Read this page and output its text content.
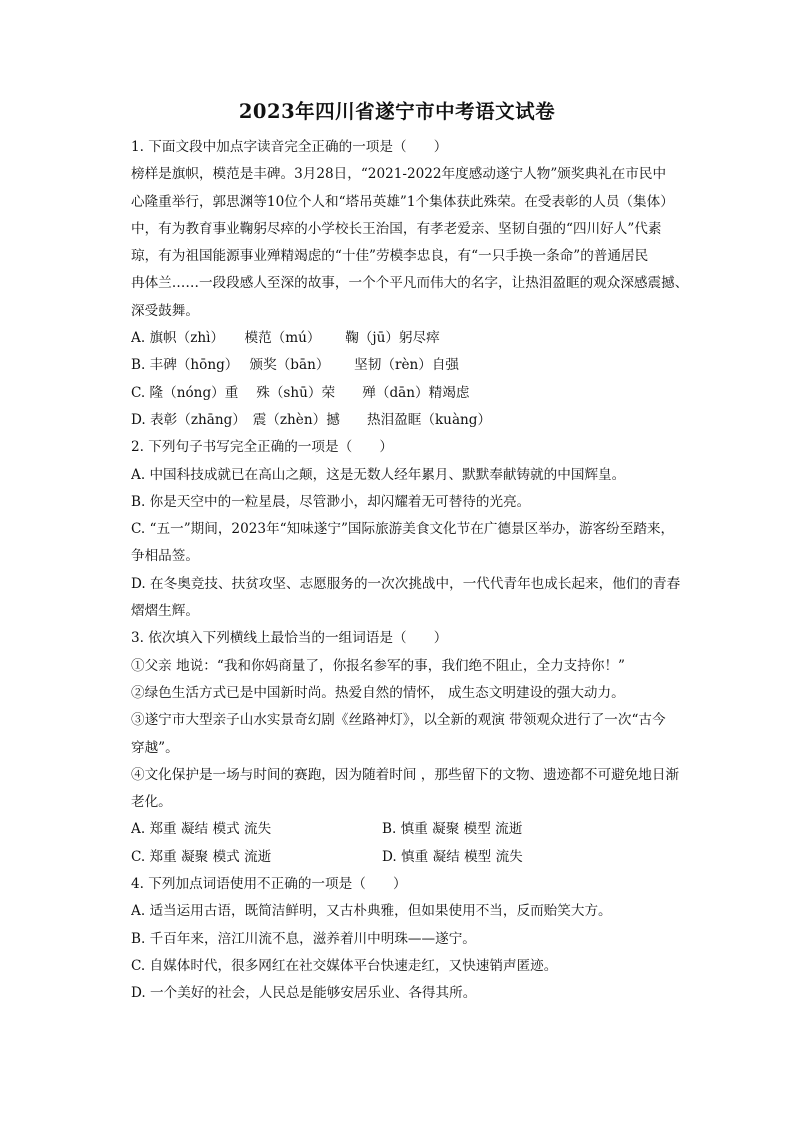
2023年四川省遂宁市中考语文试卷
1. 下面文段中加点字读音完全正确的一项是（　　）
榜样是旗帜，模范是丰碑。3月28日，“2021-2022年度感动遂宁人物”颁奖典礼在市民中
心隆重举行，郭思渊等10位个人和“塔吊英雄”1个集体获此殊荣。在受表彰的人员（集体）
中，有为教育事业鞠躬尽瘁的小学校长王治国，有孝老爱亲、坚韧自强的“四川好人”代素
琼，有为祖国能源事业殚精竭虑的“十佳”劳模李忠良，有“一只手换一条命”的普通居民
冉体兰……一段段感人至深的故事，一个个平凡而伟大的名字，让热泪盈眶的观众深感震撼、
深受鼓舞。
A. 旗帜（zhì）　　模范（mú）　　 鞠（jū）躬尽瘁
B. 丰碑（hōng）　 颁奖（bān）　　 坚韧（rèn）自强
C. 隆（nóng）重　 殊（shū）荣　　殚（dān）精竭虑
D. 表彰（zhāng）　震（zhèn）撼　　热泪盈眶（kuàng）
2. 下列句子书写完全正确的一项是（　　）
A. 中国科技成就已在高山之颠，这是无数人经年累月、默默奉献铸就的中国辉皇。
B. 你是天空中的一粒星晨，尽管渺小，却闪耀着无可替待的光亮。
C. “五一”期间，2023年“知味遂宁”国际旅游美食文化节在广德景区举办，游客纷至踏来，
争相品签。
D. 在冬奥竞技、扶贫攻坚、志愿服务的一次次挑战中，一代代青年也成长起来，他们的青春
熠熠生辉。
3. 依次填入下列横线上最恰当的一组词语是（　　）
①父亲 地说：“我和你妈商量了，你报名参军的事，我们绝不阻止，全力支持你！”
②绿色生活方式已是中国新时尚。热爱自然的情怀， 成生态文明建设的强大动力。
③遂宁市大型亲子山水实景奇幻剧《丝路神灯》，以全新的观演 带领观众进行了一次“古今
穿越”。
④文化保护是一场与时间的赛跑，因为随着时间 ，那些留下的文物、遗迹都不可避免地日渐
老化。
A. 郑重 凝结 模式 流失	B. 慎重 凝聚 模型 流逝
C. 郑重 凝聚 模式 流逝	D. 慎重 凝结 模型 流失
4. 下列加点词语使用不正确的一项是（　　）
A. 适当运用古语，既简洁鲜明，又古朴典雅，但如果使用不当，反而贻笑大方。
B. 千百年来，涪江川流不息，滋养着川中明珠——遂宁。
C. 自媒体时代，很多网红在社交媒体平台快速走红，又快速销声匿迹。
D. 一个美好的社会，人民总是能够安居乐业、各得其所。
